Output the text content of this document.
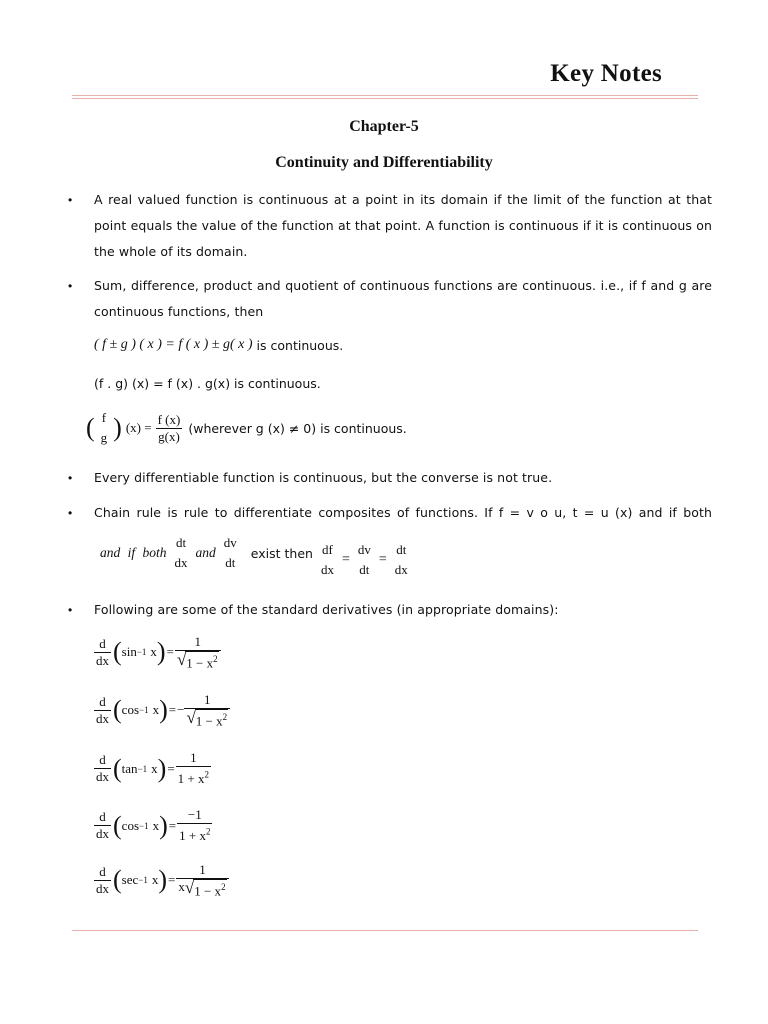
Key Notes
Chapter-5
Continuity and Differentiability
• A real valued function is continuous at a point in its domain if the limit of the function at that point equals the value of the function at that point. A function is continuous if it is continuous on the whole of its domain.
• Sum, difference, product and quotient of continuous functions are continuous. i.e., if f and g are continuous functions, then
( f ± g ) ( x ) = f ( x ) ± g( x ) is continuous.
(f . g) (x) = f (x) . g(x) is continuous.
( f
g ) $(x) = \frac{f (x)}{g(x)}$ (wherever g (x) ≠ 0) is continuous.
• Every differentiable function is continuous, but the converse is not true.
• Chain rule is rule to differentiate composites of functions. If f = v o u, t = u (x) and if both
and if both
dt
dx
and
dv
dt
exist then df
dx
=
dv
dt
=
dt
dx
• Following are some of the standard derivatives (in appropriate domains):
$\frac{d}{dx}$ ( sin −1 x ) = $\frac{1}{√ 1 - x^2}$
$\frac{d}{dx}$ ( cos −1 x ) = − $\frac{1}{√ 1 - x^2}$
$\frac{d}{dx}$ ( tan −1 x ) = $\frac{1}{1 + x^2}$
$\frac{d}{dx}$ ( cos −1 x ) = $\frac{-1}{1 + x^2}$
$\frac{d}{dx}$ ( sec −1 x ) = $\frac{1}{x √ 1 - x^2}$
